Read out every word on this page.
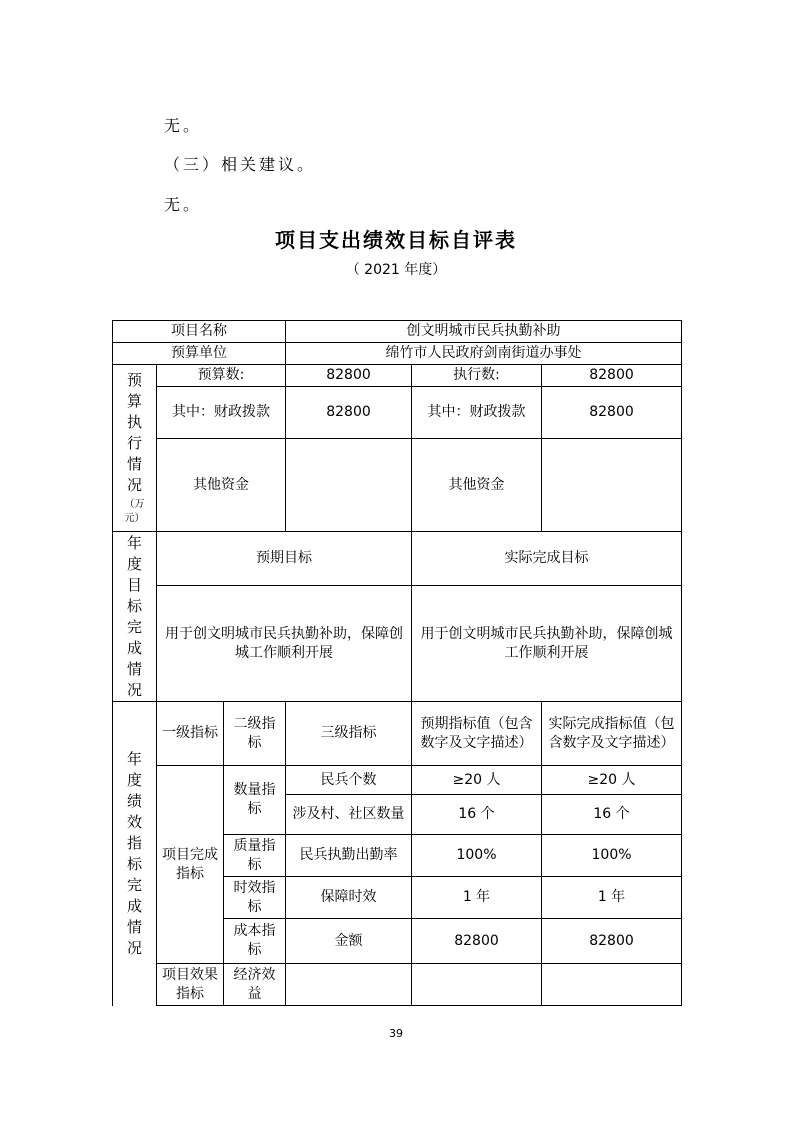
无。

（三）相关建议。

无。

项目支出绩效目标自评表

（ 2021 年度）

项目名称			创文明城市民兵执勤补助		
预算单位			绵竹市人民政府剑南街道办事处		

预算执行情况
（万元）	预算数:		82800	执行数:	82800
	其中：财政拨款		82800	其中：财政拨款	82800
	其他资金			其他资金	

年度目标完成情况	预期目标			实际完成目标	
	用于创文明城市民兵执勤补助，保障创城工作顺利开展			用于创文明城市民兵执勤补助，保障创城工作顺利开展	

年度绩效指标完成情况	一级指标	二级指标	三级指标	预期指标值（包含数字及文字描述）	实际完成指标值（包含数字及文字描述）
	项目完成指标	数量指标	民兵个数	≥20 人	≥20 人
			涉及村、社区数量	16 个	16 个
		质量指标	民兵执勤出勤率	100%	100%
		时效指标	保障时效	1 年	1 年
		成本指标	金额	82800	82800
	项目效果指标	经济效益			

39
